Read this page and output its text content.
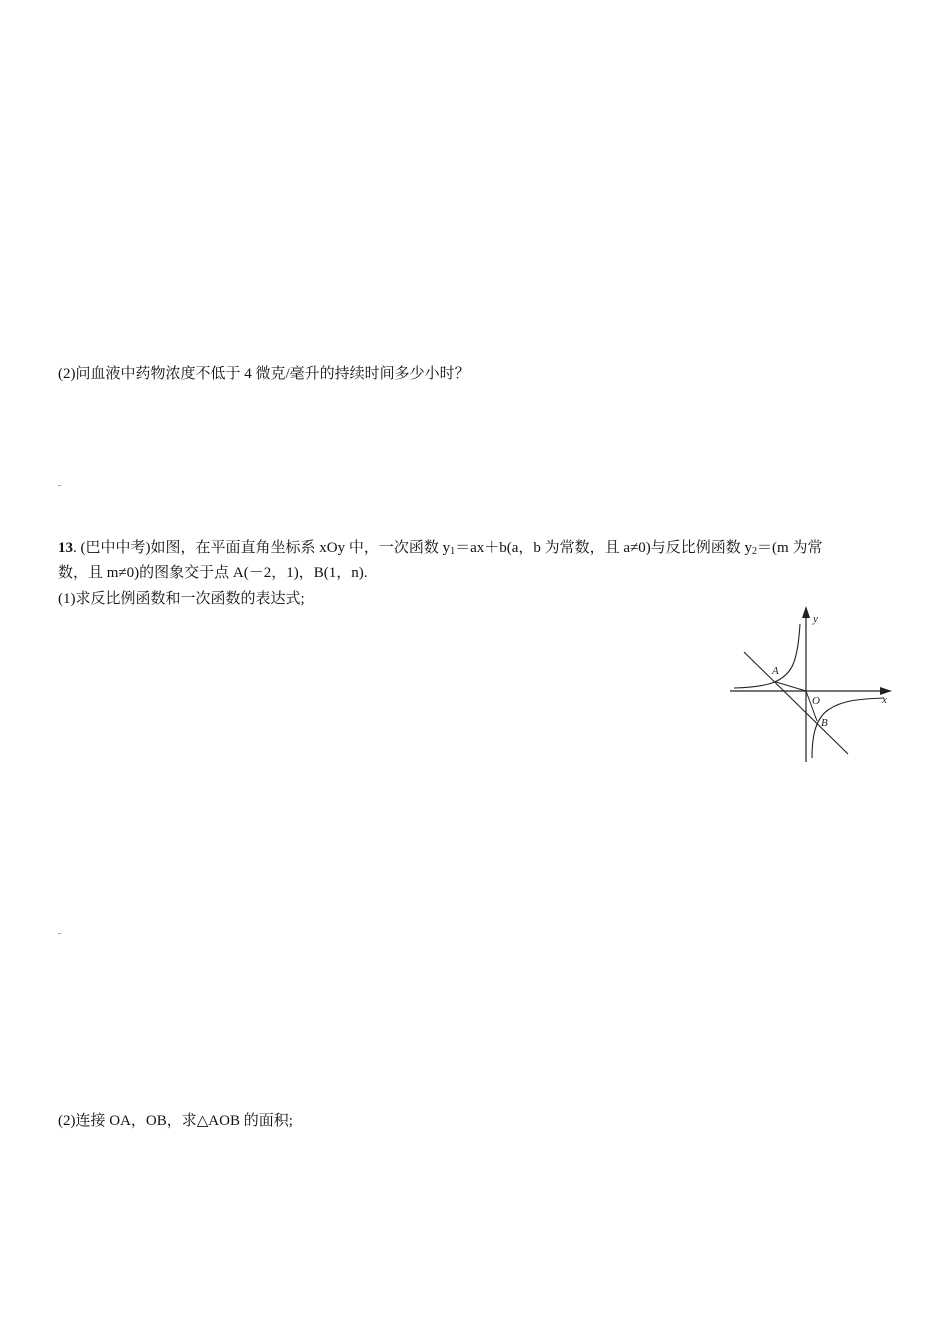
(2)问血液中药物浓度不低于 4 微克/毫升的持续时间多少小时？
13. (巴中中考)如图，在平面直角坐标系 xOy 中，一次函数 $y_1=ax+b(a$，b 为常数，且 a≠0)与反比例函数 $y_2=(m$ 为常
数，且 m≠0)的图象交于点 A(－2，1)，B(1，n).
(1)求反比例函数和一次函数的表达式;
y
x
O
A
B
(2)连接 OA，OB，求△AOB 的面积;
